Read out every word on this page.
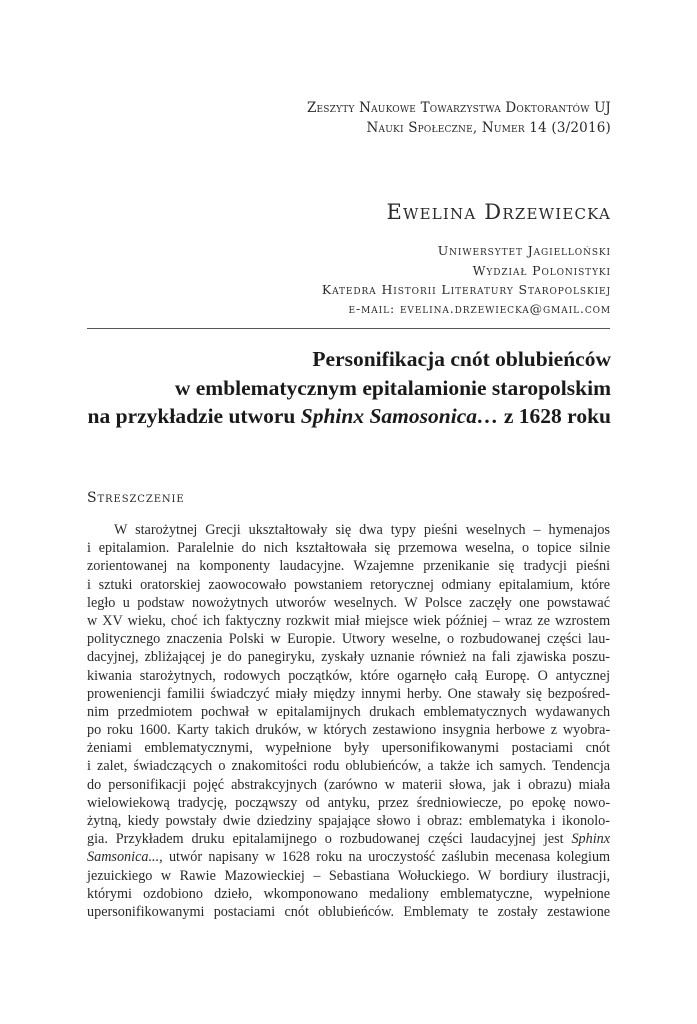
Zeszyty Naukowe Towarzystwa Doktorantów UJ
Nauki Społeczne, Numer 14 (3/2016)
Ewelina Drzewiecka
Uniwersytet Jagielloński
Wydział Polonistyki
Katedra Historii Literatury Staropolskiej
e-mail: evelina.drzewiecka@gmail.com
Personifikacja cnót oblubieńców
w emblematycznym epitalamionie staropolskim
na przykładzie utworu Sphinx Samosonica… z 1628 roku
Streszczenie
W starożytnej Grecji ukształtowały się dwa typy pieśni weselnych – hymenajos
i epitalamion. Paralelnie do nich kształtowała się przemowa weselna, o topice silnie
zorientowanej na komponenty laudacyjne. Wzajemne przenikanie się tradycji pieśni
i sztuki oratorskiej zaowocowało powstaniem retorycznej odmiany epitalamium, które
legło u podstaw nowożytnych utworów weselnych. W Polsce zaczęły one powstawać
w XV wieku, choć ich faktyczny rozkwit miał miejsce wiek później – wraz ze wzrostem
politycznego znaczenia Polski w Europie. Utwory weselne, o rozbudowanej części lau-
dacyjnej, zbliżającej je do panegiryku, zyskały uznanie również na fali zjawiska poszu-
kiwania starożytnych, rodowych początków, które ogarnęło całą Europę. O antycznej
proweniencji familii świadczyć miały między innymi herby. One stawały się bezpośred-
nim przedmiotem pochwał w epitalamijnych drukach emblematycznych wydawanych
po roku 1600. Karty takich druków, w których zestawiono insygnia herbowe z wyobra-
żeniami emblematycznymi, wypełnione były upersonifikowanymi postaciami cnót
i zalet, świadczących o znakomitości rodu oblubieńców, a także ich samych. Tendencja
do personifikacji pojęć abstrakcyjnych (zarówno w materii słowa, jak i obrazu) miała
wielowiekową tradycję, począwszy od antyku, przez średniowiecze, po epokę nowo-
żytną, kiedy powstały dwie dziedziny spajające słowo i obraz: emblematyka i ikonolo-
gia. Przykładem druku epitalamijnego o rozbudowanej części laudacyjnej jest Sphinx
Samsonica..., utwór napisany w 1628 roku na uroczystość zaślubin mecenasa kolegium
jezuickiego w Rawie Mazowieckiej – Sebastiana Wołuckiego. W bordiury ilustracji,
którymi ozdobiono dzieło, wkomponowano medaliony emblematyczne, wypełnione
upersonifikowanymi postaciami cnót oblubieńców. Emblematy te zostały zestawione
